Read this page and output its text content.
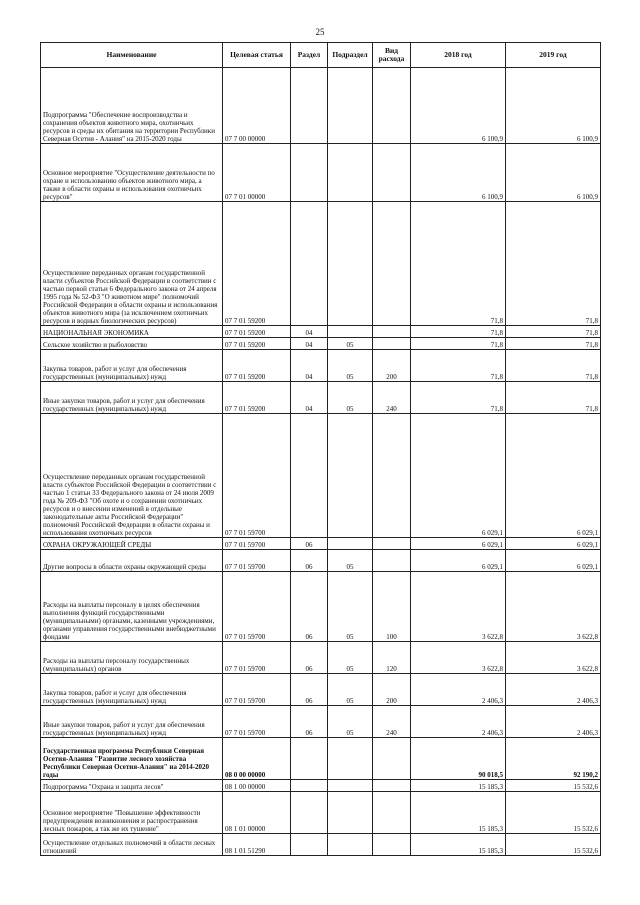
25
Наименование	Целевая статья	Раздел	Подраздел	Вид расхода	2018 год	2019 год
Подпрограмма "Обеспечение воспроизводства и сохранения объектов животного мира, охотничьих ресурсов и среды их обитания на территории Республики Северная Осетия - Алания" на 2015-2020 годы	07 7 00 00000				6 100,9	6 100,9
Основное мероприятие "Осуществление деятельности по охране и использованию объектов животного мира, а также в области охраны и использования охотничьих ресурсов"	07 7 01 00000				6 100,9	6 100,9
Осуществление переданных органам государственной власти субъектов Российской Федерации в соответствии с частью первой статьи 6 Федерального закона от 24 апреля 1995 года № 52-ФЗ "О животном мире" полномочий Российской Федерации в области охраны и использования объектов животного мира (за исключением охотничьих ресурсов и водных биологических ресурсов)	07 7 01 59200				71,8	71,8
НАЦИОНАЛЬНАЯ ЭКОНОМИКА	07 7 01 59200	04			71,8	71,8
Сельское хозяйство и рыболовство	07 7 01 59200	04	05		71,8	71,8
Закупка товаров, работ и услуг для обеспечения государственных (муниципальных) нужд	07 7 01 59200	04	05	200	71,8	71,8
Иные закупки товаров, работ и услуг для обеспечения государственных (муниципальных) нужд	07 7 01 59200	04	05	240	71,8	71,8
Осуществление переданных органам государственной власти субъектов Российской Федерации в соответствии с частью 1 статьи 33 Федерального закона от 24 июля 2009 года № 209-ФЗ "Об охоте и о сохранении охотничьих ресурсов и о внесении изменений в отдельные законодательные акты Российской Федерации" полномочий Российской Федерации в области охраны и использования охотничьих ресурсов	07 7 01 59700				6 029,1	6 029,1
ОХРАНА ОКРУЖАЮЩЕЙ СРЕДЫ	07 7 01 59700	06			6 029,1	6 029,1
Другие вопросы в области охраны окружающей среды	07 7 01 59700	06	05		6 029,1	6 029,1
Расходы на выплаты персоналу в целях обеспечения выполнения функций государственными (муниципальными) органами, казенными учреждениями, органами управления государственными внебюджетными фондами	07 7 01 59700	06	05	100	3 622,8	3 622,8
Расходы на выплаты персоналу государственных (муниципальных) органов	07 7 01 59700	06	05	120	3 622,8	3 622,8
Закупка товаров, работ и услуг для обеспечения государственных (муниципальных) нужд	07 7 01 59700	06	05	200	2 406,3	2 406,3
Иные закупки товаров, работ и услуг для обеспечения государственных (муниципальных) нужд	07 7 01 59700	06	05	240	2 406,3	2 406,3
Государственная программа Республики Северная Осетия-Алания "Развитие лесного хозяйства Республики Северная Осетия-Алания" на 2014-2020 годы	08 0 00 00000				90 018,5	92 190,2
Подпрограмма "Охрана и защита лесов"	08 1 00 00000				15 185,3	15 532,6
Основное мероприятие "Повышение эффективности предупреждения возникновения и распространения лесных пожаров, а так же их тушение"	08 1 01 00000				15 185,3	15 532,6
Осуществление отдельных полномочий в области лесных отношений	08 1 01 51290				15 185,3	15 532,6
